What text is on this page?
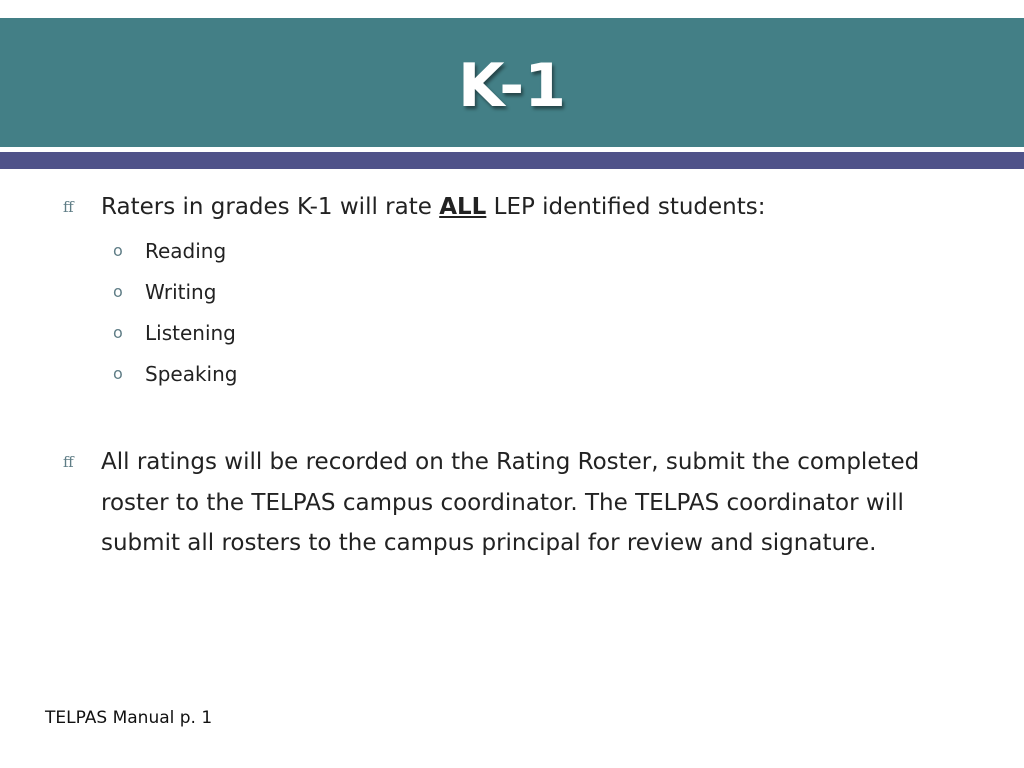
K-1
ﬀ Raters in grades K-1 will rate ALL LEP identified students:
o Reading
o Writing
o Listening
o Speaking
ﬀ All ratings will be recorded on the Rating Roster, submit the completed roster to the TELPAS campus coordinator. The TELPAS coordinator will submit all rosters to the campus principal for review and signature.
TELPAS Manual p. 1
